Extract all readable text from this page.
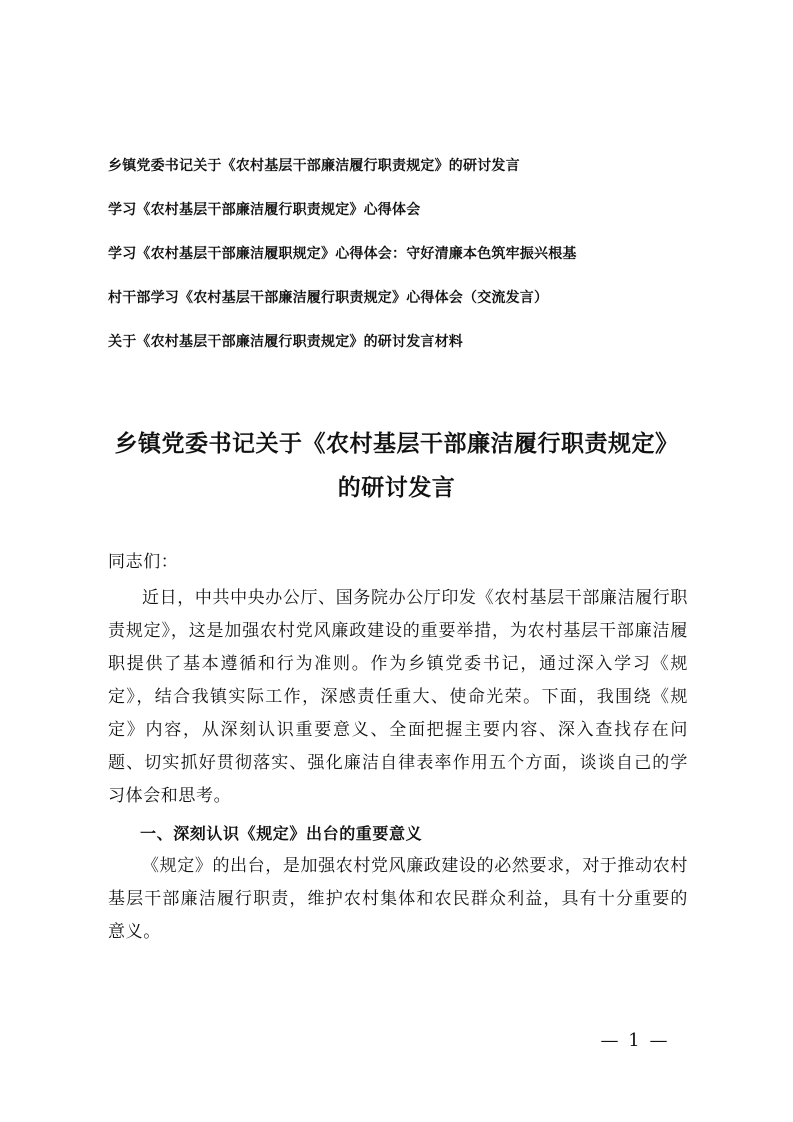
乡镇党委书记关于《农村基层干部廉洁履行职责规定》的研讨发言
学习《农村基层干部廉洁履行职责规定》心得体会
学习《农村基层干部廉洁履职规定》心得体会：守好清廉本色筑牢振兴根基
村干部学习《农村基层干部廉洁履行职责规定》心得体会（交流发言）
关于《农村基层干部廉洁履行职责规定》的研讨发言材料
乡镇党委书记关于《农村基层干部廉洁履行职责规定》
的研讨发言

同志们：

近日，中共中央办公厅、国务院办公厅印发《农村基层干部廉洁履行职责规定》，这是加强农村党风廉政建设的重要举措，为农村基层干部廉洁履职提供了基本遵循和行为准则。作为乡镇党委书记，通过深入学习《规定》，结合我镇实际工作，深感责任重大、使命光荣。下面，我围绕《规定》内容，从深刻认识重要意义、全面把握主要内容、深入查找存在问题、切实抓好贯彻落实、强化廉洁自律表率作用五个方面，谈谈自己的学习体会和思考。

一、深刻认识《规定》出台的重要意义

《规定》的出台，是加强农村党风廉政建设的必然要求，对于推动农村基层干部廉洁履行职责，维护农村集体和农民群众利益，具有十分重要的意义。

— 1 —
